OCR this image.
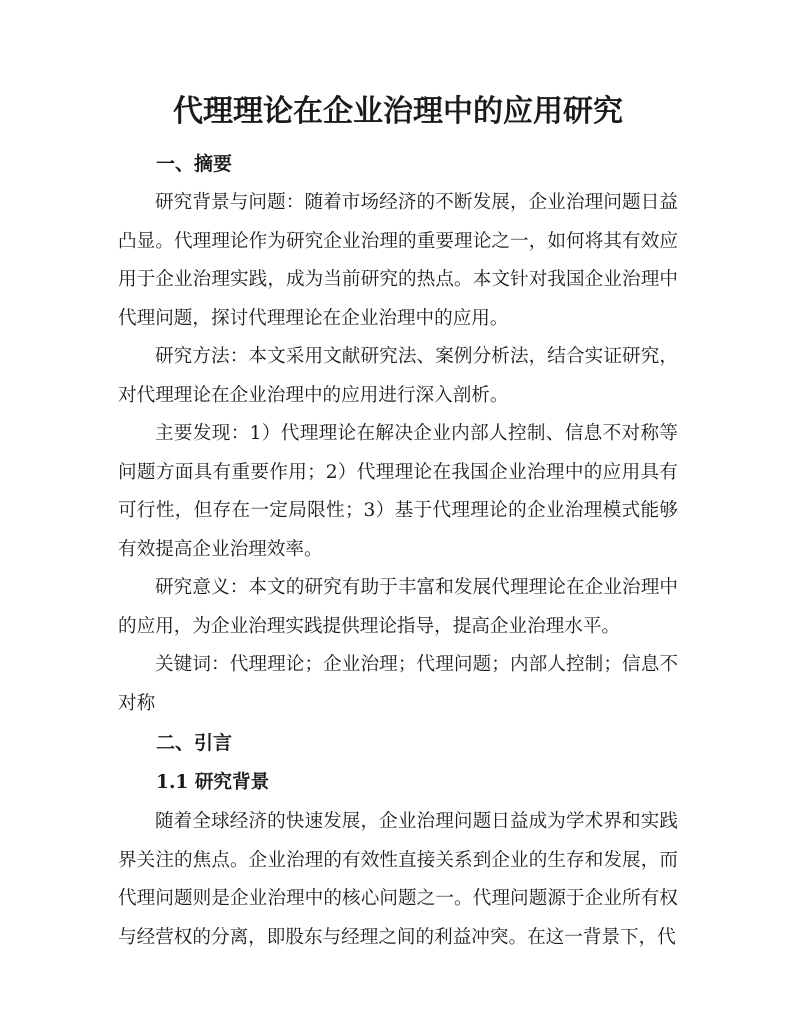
代理理论在企业治理中的应用研究
一、摘要

研究背景与问题：随着市场经济的不断发展，企业治理问题日益凸显。代理理论作为研究企业治理的重要理论之一，如何将其有效应用于企业治理实践，成为当前研究的热点。本文针对我国企业治理中代理问题，探讨代理理论在企业治理中的应用。

研究方法：本文采用文献研究法、案例分析法，结合实证研究，对代理理论在企业治理中的应用进行深入剖析。

主要发现：1）代理理论在解决企业内部人控制、信息不对称等问题方面具有重要作用；2）代理理论在我国企业治理中的应用具有可行性，但存在一定局限性；3）基于代理理论的企业治理模式能够有效提高企业治理效率。

研究意义：本文的研究有助于丰富和发展代理理论在企业治理中的应用，为企业治理实践提供理论指导，提高企业治理水平。

关键词：代理理论；企业治理；代理问题；内部人控制；信息不对称

二、引言
1.1 研究背景

随着全球经济的快速发展，企业治理问题日益成为学术界和实践界关注的焦点。企业治理的有效性直接关系到企业的生存和发展，而代理问题则是企业治理中的核心问题之一。代理问题源于企业所有权与经营权的分离，即股东与经理之间的利益冲突。在这一背景下，代
